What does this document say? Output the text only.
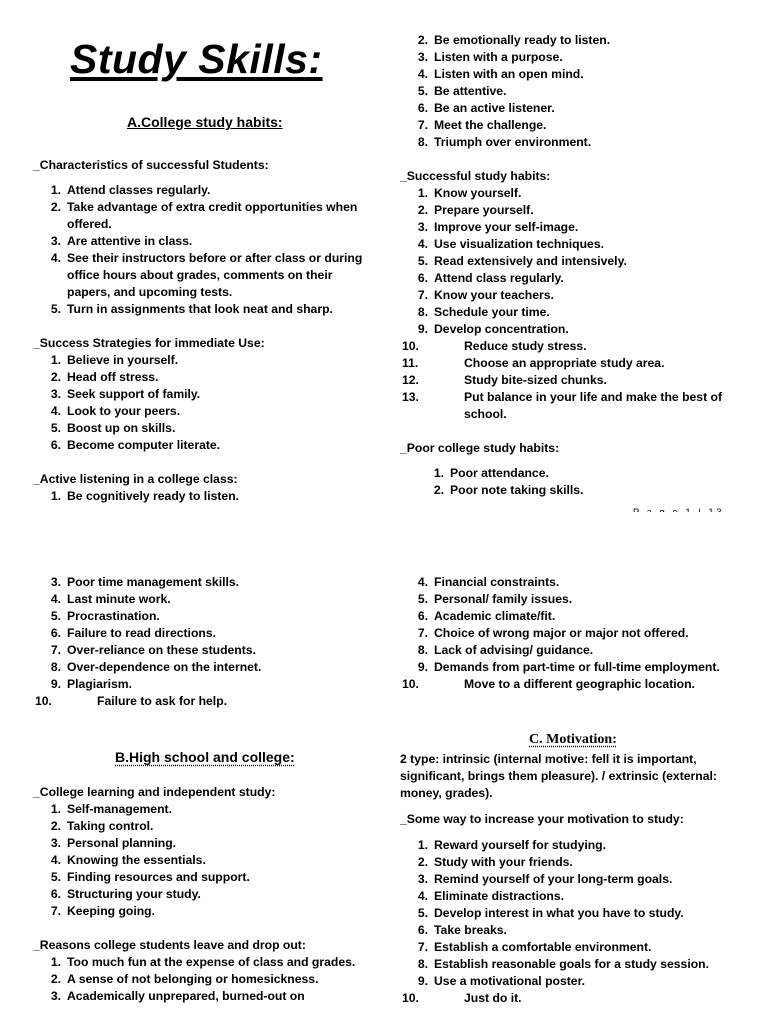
Study Skills:
A.College study habits:
_Characteristics of successful Students:
1. Attend classes regularly.
2. Take advantage of extra credit opportunities when offered.
3. Are attentive in class.
4. See their instructors before or after class or during office hours about grades, comments on their papers, and upcoming tests.
5. Turn in assignments that look neat and sharp.
_Success Strategies for immediate Use:
1. Believe in yourself.
2. Head off stress.
3. Seek support of family.
4. Look to your peers.
5. Boost up on skills.
6. Become computer literate.
_Active listening in a college class:
1. Be cognitively ready to listen.
2. Be emotionally ready to listen.
3. Listen with a purpose.
4. Listen with an open mind.
5. Be attentive.
6. Be an active listener.
7. Meet the challenge.
8. Triumph over environment.
_Successful study habits:
1. Know yourself.
2. Prepare yourself.
3. Improve your self-image.
4. Use visualization techniques.
5. Read extensively and intensively.
6. Attend class regularly.
7. Know your teachers.
8. Schedule your time.
9. Develop concentration.
10.	Reduce study stress.
11.	Choose an appropriate study area.
12.	Study bite-sized chunks.
13.	Put balance in your life and make the best of school.
_Poor college study habits:
1. Poor attendance.
2. Poor note taking skills.
3. Poor time management skills.
4. Last minute work.
5. Procrastination.
6. Failure to read directions.
7. Over-reliance on these students.
8. Over-dependence on the internet.
9. Plagiarism.
10.	Failure to ask for help.
B.High school and college:
_College learning and independent study:
1. Self-management.
2. Taking control.
3. Personal planning.
4. Knowing the essentials.
5. Finding resources and support.
6. Structuring your study.
7. Keeping going.
_Reasons college students leave and drop out:
1. Too much fun at the expense of class and grades.
2. A sense of not belonging or homesickness.
3. Academically unprepared, burned-out on
4. Financial constraints.
5. Personal/ family issues.
6. Academic climate/fit.
7. Choice of wrong major or major not offered.
8. Lack of advising/ guidance.
9. Demands from part-time or full-time employment.
10.	Move to a different geographic location.
C. Motivation:
2 type: intrinsic (internal motive: fell it is important, significant, brings them pleasure). / extrinsic (external: money, grades).
_Some way to increase your motivation to study:
1. Reward yourself for studying.
2. Study with your friends.
3. Remind yourself of your long-term goals.
4. Eliminate distractions.
5. Develop interest in what you have to study.
6. Take breaks.
7. Establish a comfortable environment.
8. Establish reasonable goals for a study session.
9. Use a motivational poster.
10.	Just do it.
